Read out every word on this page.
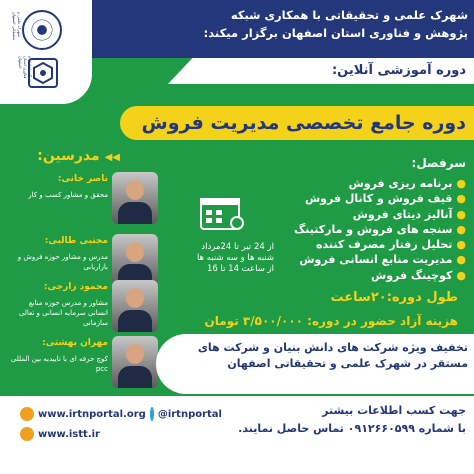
شهرک علمی و تحقیقاتی با همکاری شبکه
پژوهش و فناوری استان اصفهان برگزار میکند:
شهرک علمی و تحقیقاتی اصفهان
شبکه پژوهش و فناوری استان اصفهان
دوره آموزشی آنلاین:
دوره جامع تخصصی مدیریت فروش
◀◀ مدرسین:
ناصر خانی:
محقق و مشاور کسب و کار
مجتبی طالبی:
مدرس و مشاور حوزه فروش و بازاریابی
محمود زارجی:
مشاور و مدرس حوزه منابع انسانی سرمایه انسانی و تعالی سازمانی
مهران بهشتی:
کوچ حرفه ای با تاییدیه بین المللی pcc
سرفصل:
●برنامه ریزی فروش
●قیف فروش و کانال فروش
●آنالیز دیتای فروش
●سنجه های فروش و مارکتینگ
●تحلیل رفتار مصرف کننده
●مدیریت منابع انسانی فروش
●کوچینگ فروش
از 24 تیر تا 24مرداد
شنبه ها و سه شنبه ها
از ساعت 14 تا 16
طول دوره:۲۰ساعت
هزینه آزاد حضور در دوره: ۳/۵۰۰/۰۰۰ تومان
تخفیف ویژه شرکت های دانش بنیان و شرکت های
مستقر در شهرک علمی و تحقیقاتی اصفهان
www.irtnportal.org
www.istt.ir
@irtnportal	جهت کسب اطلاعات بیشتر
با شماره ۰۹۱۲۶۶۰۵۹۹ تماس حاصل نمایند.
